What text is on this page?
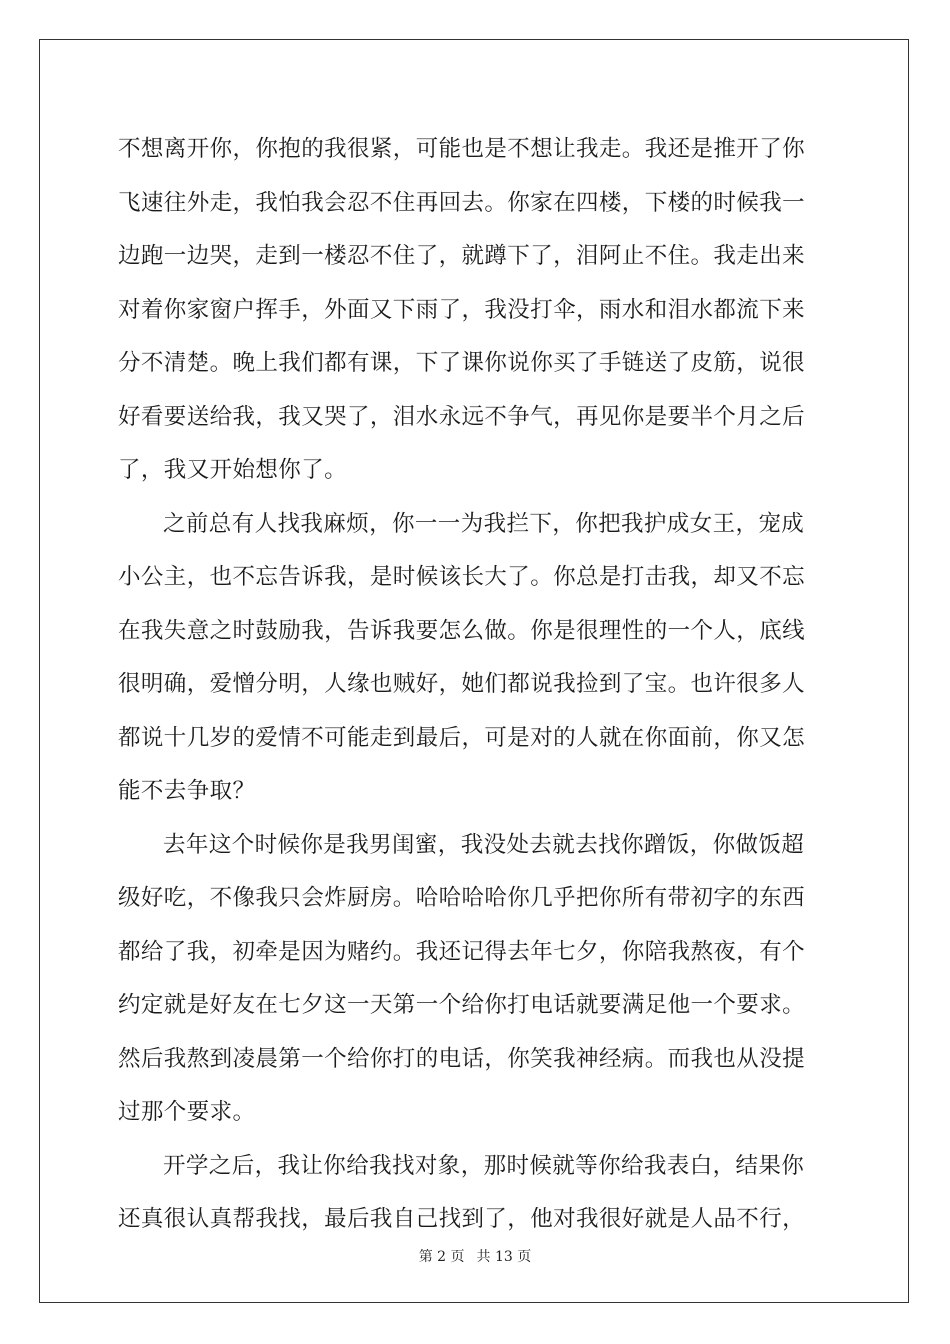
不想离开你，你抱的我很紧，可能也是不想让我走。我还是推开了你
飞速往外走，我怕我会忍不住再回去。你家在四楼，下楼的时候我一
边跑一边哭，走到一楼忍不住了，就蹲下了，泪阿止不住。我走出来
对着你家窗户挥手，外面又下雨了，我没打伞，雨水和泪水都流下来
分不清楚。晚上我们都有课，下了课你说你买了手链送了皮筋，说很
好看要送给我，我又哭了，泪水永远不争气，再见你是要半个月之后
了，我又开始想你了。

之前总有人找我麻烦，你一一为我拦下，你把我护成女王，宠成
小公主，也不忘告诉我，是时候该长大了。你总是打击我，却又不忘
在我失意之时鼓励我，告诉我要怎么做。你是很理性的一个人，底线
很明确，爱憎分明，人缘也贼好，她们都说我捡到了宝。也许很多人
都说十几岁的爱情不可能走到最后，可是对的人就在你面前，你又怎
能不去争取？

去年这个时候你是我男闺蜜，我没处去就去找你蹭饭，你做饭超
级好吃，不像我只会炸厨房。哈哈哈哈你几乎把你所有带初字的东西
都给了我，初牵是因为赌约。我还记得去年七夕，你陪我熬夜，有个
约定就是好友在七夕这一天第一个给你打电话就要满足他一个要求。
然后我熬到凌晨第一个给你打的电话，你笑我神经病。而我也从没提
过那个要求。

开学之后，我让你给我找对象，那时候就等你给我表白，结果你
还真很认真帮我找，最后我自己找到了，他对我很好就是人品不行，

第 2 页 共 13 页
